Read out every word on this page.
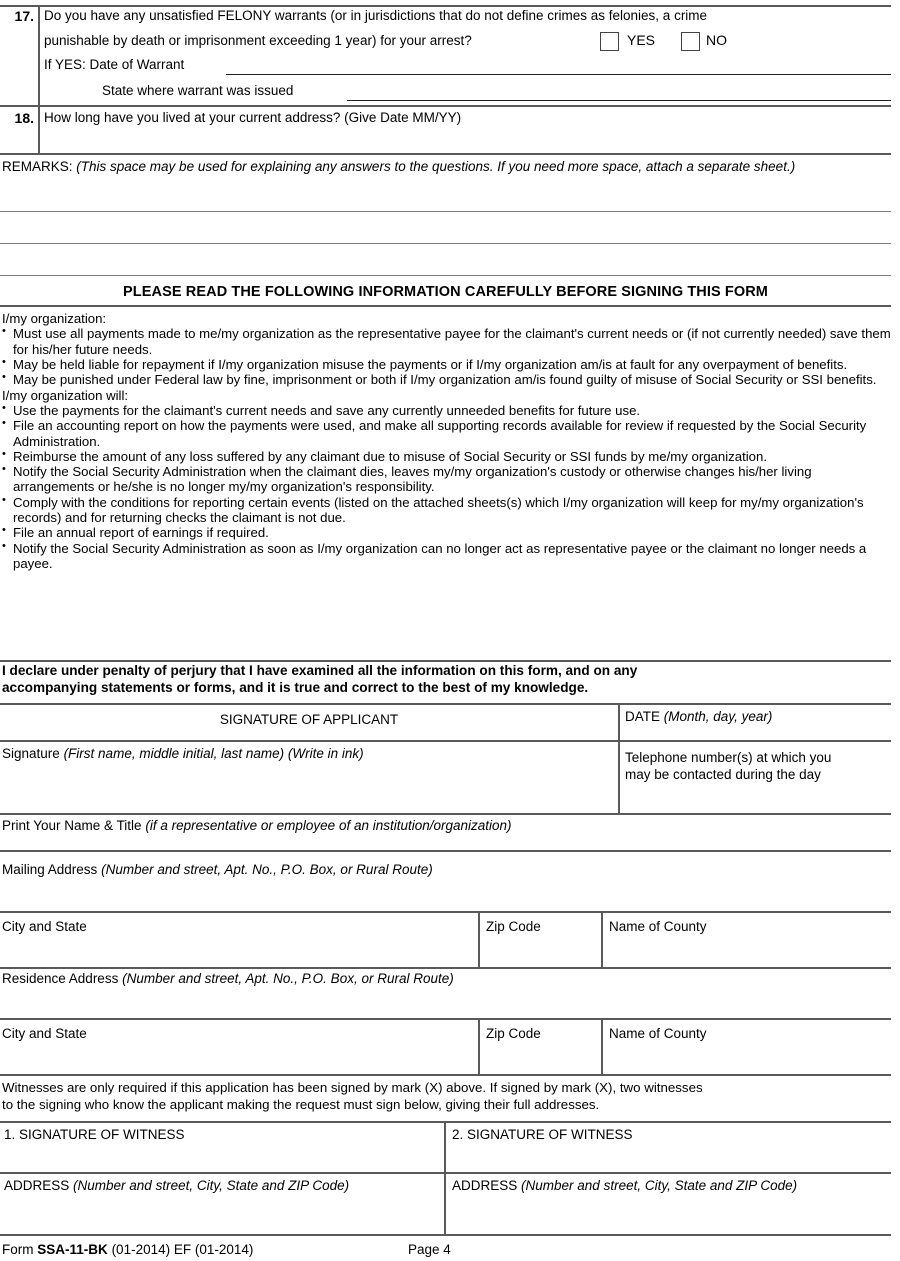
17. Do you have any unsatisfied FELONY warrants (or in jurisdictions that do not define crimes as felonies, a crime
punishable by death or imprisonment exceeding 1 year) for your arrest?	YES	NO
If YES: Date of Warrant
State where warrant was issued
18. How long have you lived at your current address? (Give Date MM/YY)
REMARKS: (This space may be used for explaining any answers to the questions. If you need more space, attach a separate sheet.)
PLEASE READ THE FOLLOWING INFORMATION CAREFULLY BEFORE SIGNING THIS FORM
I/my organization:
• Must use all payments made to me/my organization as the representative payee for the claimant's current needs or (if not currently needed) save them for his/her future needs.
• May be held liable for repayment if I/my organization misuse the payments or if I/my organization am/is at fault for any overpayment of benefits.
• May be punished under Federal law by fine, imprisonment or both if I/my organization am/is found guilty of misuse of Social Security or SSI benefits.
I/my organization will:
• Use the payments for the claimant's current needs and save any currently unneeded benefits for future use.
• File an accounting report on how the payments were used, and make all supporting records available for review if requested by the Social Security Administration.
• Reimburse the amount of any loss suffered by any claimant due to misuse of Social Security or SSI funds by me/my organization.
• Notify the Social Security Administration when the claimant dies, leaves my/my organization's custody or otherwise changes his/her living arrangements or he/she is no longer my/my organization's responsibility.
• Comply with the conditions for reporting certain events (listed on the attached sheets(s) which I/my organization will keep for my/my organization's records) and for returning checks the claimant is not due.
• File an annual report of earnings if required.
• Notify the Social Security Administration as soon as I/my organization can no longer act as representative payee or the claimant no longer needs a payee.
I declare under penalty of perjury that I have examined all the information on this form, and on any
accompanying statements or forms, and it is true and correct to the best of my knowledge.
SIGNATURE OF APPLICANT	DATE (Month, day, year)
Signature (First name, middle initial, last name) (Write in ink)	Telephone number(s) at which you
may be contacted during the day
Print Your Name & Title (if a representative or employee of an institution/organization)
Mailing Address (Number and street, Apt. No., P.O. Box, or Rural Route)
City and State	Zip Code	Name of County
Residence Address (Number and street, Apt. No., P.O. Box, or Rural Route)
City and State	Zip Code	Name of County
Witnesses are only required if this application has been signed by mark (X) above. If signed by mark (X), two witnesses
to the signing who know the applicant making the request must sign below, giving their full addresses.
1. SIGNATURE OF WITNESS	2. SIGNATURE OF WITNESS
ADDRESS (Number and street, City, State and ZIP Code)	ADDRESS (Number and street, City, State and ZIP Code)
Form SSA-11-BK (01-2014) EF (01-2014)	Page 4
